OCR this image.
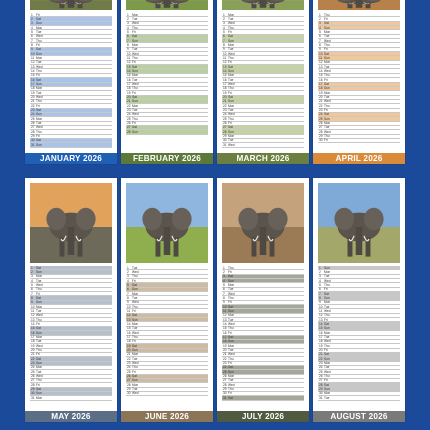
1 Fri
2 Sat
3 Sun
4 Mon
5 Tue
6 Wed
7 Thu
8 Fri
9 Sat
10 Sun
11 Mon
12 Tue
13 Wed
14 Thu
15 Fri
16 Sat
17 Sun
18 Mon
19 Tue
20 Wed
21 Thu
22 Fri
23 Sat
24 Sun
25 Mon
26 Tue
27 Wed
28 Thu
29 Fri
30 Sat
31 Sun
JANUARY 2026
1 Mon
2 Tue
3 Wed
4 Thu
5 Fri
6 Sat
7 Sun
8 Mon
9 Tue
10 Wed
11 Thu
12 Fri
13 Sat
14 Sun
15 Mon
16 Tue
17 Wed
18 Thu
19 Fri
20 Sat
21 Sun
22 Mon
23 Tue
24 Wed
25 Thu
26 Fri
27 Sat
28 Sun
FEBRUARY 2026
1 Mon
2 Tue
3 Wed
4 Thu
5 Fri
6 Sat
7 Sun
8 Mon
9 Tue
10 Wed
11 Thu
12 Fri
13 Sat
14 Sun
15 Mon
16 Tue
17 Wed
18 Thu
19 Fri
20 Sat
21 Sun
22 Mon
23 Tue
24 Wed
25 Thu
26 Fri
27 Sat
28 Sun
29 Mon
30 Tue
31 Wed
MARCH 2026
1 Thu
2 Fri
3 Sat
4 Sun
5 Mon
6 Tue
7 Wed
8 Thu
9 Fri
10 Sat
11 Sun
12 Mon
13 Tue
14 Wed
15 Thu
16 Fri
17 Sat
18 Sun
19 Mon
20 Tue
21 Wed
22 Thu
23 Fri
24 Sat
25 Sun
26 Mon
27 Tue
28 Wed
29 Thu
30 Fri
APRIL 2026
1 Sat
2 Sun
3 Mon
4 Tue
5 Wed
6 Thu
7 Fri
8 Sat
9 Sun
10 Mon
11 Tue
12 Wed
13 Thu
14 Fri
15 Sat
16 Sun
17 Mon
18 Tue
19 Wed
20 Thu
21 Fri
22 Sat
23 Sun
24 Mon
25 Tue
26 Wed
27 Thu
28 Fri
29 Sat
30 Sun
31 Mon
MAY 2026
1 Tue
2 Wed
3 Thu
4 Fri
5 Sat
6 Sun
7 Mon
8 Tue
9 Wed
10 Thu
11 Fri
12 Sat
13 Sun
14 Mon
15 Tue
16 Wed
17 Thu
18 Fri
19 Sat
20 Sun
21 Mon
22 Tue
23 Wed
24 Thu
25 Fri
26 Sat
27 Sun
28 Mon
29 Tue
30 Wed
JUNE 2026
1 Thu
2 Fri
3 Sat
4 Sun
5 Mon
6 Tue
7 Wed
8 Thu
9 Fri
10 Sat
11 Sun
12 Mon
13 Tue
14 Wed
15 Thu
16 Fri
17 Sat
18 Sun
19 Mon
20 Tue
21 Wed
22 Thu
23 Fri
24 Sat
25 Sun
26 Mon
27 Tue
28 Wed
29 Thu
30 Fri
31 Sat
JULY 2026
1 Sun
2 Mon
3 Tue
4 Wed
5 Thu
6 Fri
7 Sat
8 Sun
9 Mon
10 Tue
11 Wed
12 Thu
13 Fri
14 Sat
15 Sun
16 Mon
17 Tue
18 Wed
19 Thu
20 Fri
21 Sat
22 Sun
23 Mon
24 Tue
25 Wed
26 Thu
27 Fri
28 Sat
29 Sun
30 Mon
31 Tue
AUGUST 2026
